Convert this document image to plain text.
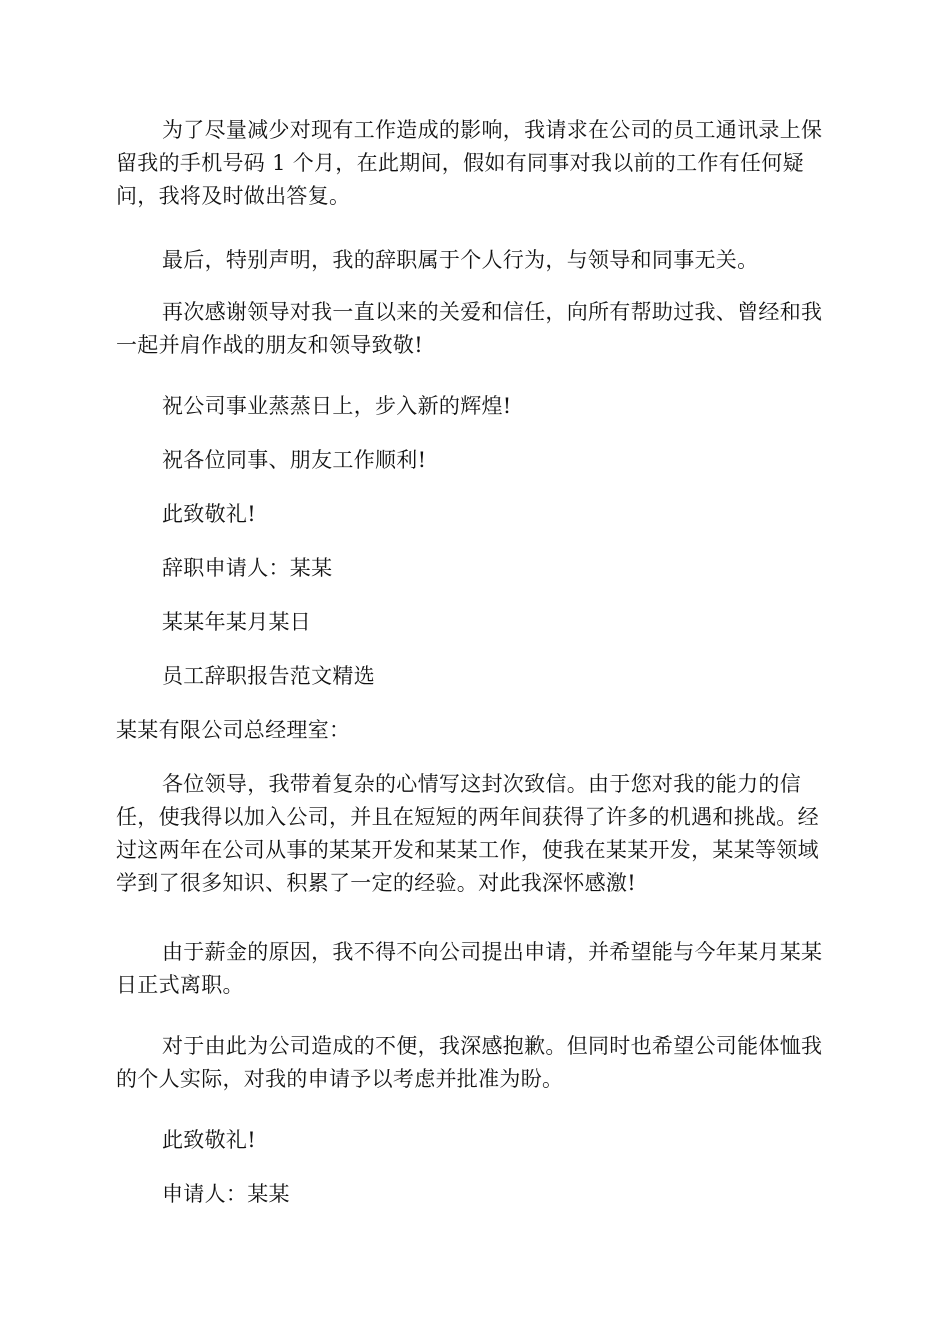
为了尽量减少对现有工作造成的影响，我请求在公司的员工通讯录上保留我的手机号码 1 个月，在此期间，假如有同事对我以前的工作有任何疑问，我将及时做出答复。

最后，特别声明，我的辞职属于个人行为，与领导和同事无关。

再次感谢领导对我一直以来的关爱和信任，向所有帮助过我、曾经和我一起并肩作战的朋友和领导致敬!

祝公司事业蒸蒸日上，步入新的辉煌!

祝各位同事、朋友工作顺利!

此致敬礼!

辞职申请人：某某

某某年某月某日

员工辞职报告范文精选

某某有限公司总经理室：

各位领导，我带着复杂的心情写这封次致信。由于您对我的能力的信任，使我得以加入公司，并且在短短的两年间获得了许多的机遇和挑战。经过这两年在公司从事的某某开发和某某工作，使我在某某开发，某某等领域学到了很多知识、积累了一定的经验。对此我深怀感激!

由于薪金的原因，我不得不向公司提出申请，并希望能与今年某月某某日正式离职。

对于由此为公司造成的不便，我深感抱歉。但同时也希望公司能体恤我的个人实际，对我的申请予以考虑并批准为盼。

此致敬礼!

申请人：某某
